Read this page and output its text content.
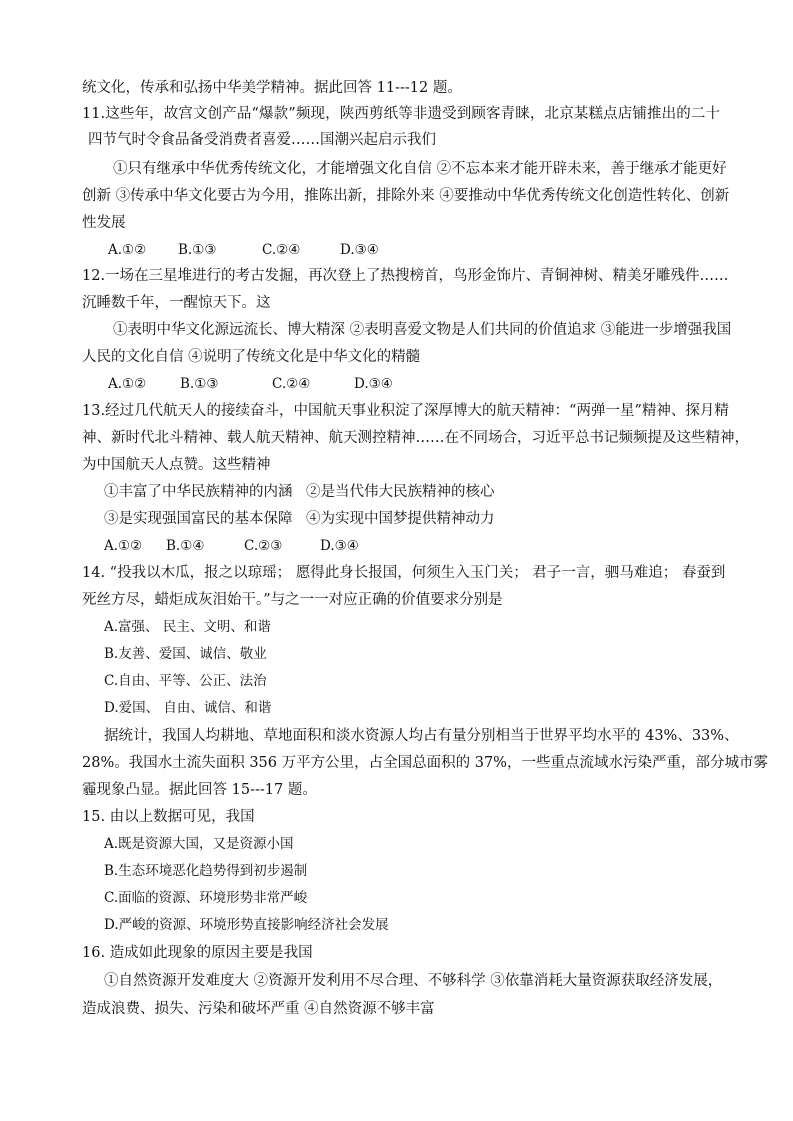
统文化，传承和弘扬中华美学精神。据此回答 11---12 题。
11.这些年，故宫文创产品“爆款”频现，陕西剪纸等非遗受到顾客青睐，北京某糕点店铺推出的二十
四节气时令食品备受消费者喜爱……国潮兴起启示我们
①只有继承中华优秀传统文化，才能增强文化自信 ②不忘本来才能开辟未来，善于继承才能更好
创新 ③传承中华文化要古为今用，推陈出新，排除外来 ④要推动中华优秀传统文化创造性转化、创新
性发展
A.①② B.①③	C.②④	D.③④
12.一场在三星堆进行的考古发掘，再次登上了热搜榜首，鸟形金饰片、青铜神树、精美牙雕残件……
沉睡数千年，一醒惊天下。这
①表明中华文化源远流长、博大精深 ②表明喜爱文物是人们共同的价值追求 ③能进一步增强我国
人民的文化自信 ④说明了传统文化是中华文化的精髓
A.①②	B.①③	C.②④	D.③④
13.经过几代航天人的接续奋斗，中国航天事业积淀了深厚博大的航天精神：“两弹一星”精神、探月精
神、新时代北斗精神、载人航天精神、航天测控精神……在不同场合，习近平总书记频频提及这些精神，
为中国航天人点赞。这些精神
①丰富了中华民族精神的内涵 ②是当代伟大民族精神的核心
③是实现强国富民的基本保障 ④为实现中国梦提供精神动力
A.①② B.①④	C.②③	D.③④
14. “投我以木瓜，报之以琼瑶； 愿得此身长报国，何须生入玉门关； 君子一言，驷马难追； 春蚕到
死丝方尽，蜡炬成灰泪始干。”与之一一对应正确的价值要求分别是
A.富强、 民主、文明、和谐
B.友善、爱国、诚信、敬业
C.自由、平等、公正、法治
D.爱国、 自由、诚信、和谐
据统计，我国人均耕地、草地面积和淡水资源人均占有量分别相当于世界平均水平的 43%、33%、
28%。我国水土流失面积 356 万平方公里，占全国总面积的 37%，一些重点流域水污染严重，部分城市雾
霾现象凸显。据此回答 15---17 题。
15. 由以上数据可见，我国
A.既是资源大国，又是资源小国
B.生态环境恶化趋势得到初步遏制
C.面临的资源、环境形势非常严峻
D.严峻的资源、环境形势直接影响经济社会发展
16. 造成如此现象的原因主要是我国
①自然资源开发难度大 ②资源开发利用不尽合理、不够科学 ③依靠消耗大量资源获取经济发展，
造成浪费、损失、污染和破坏严重 ④自然资源不够丰富
